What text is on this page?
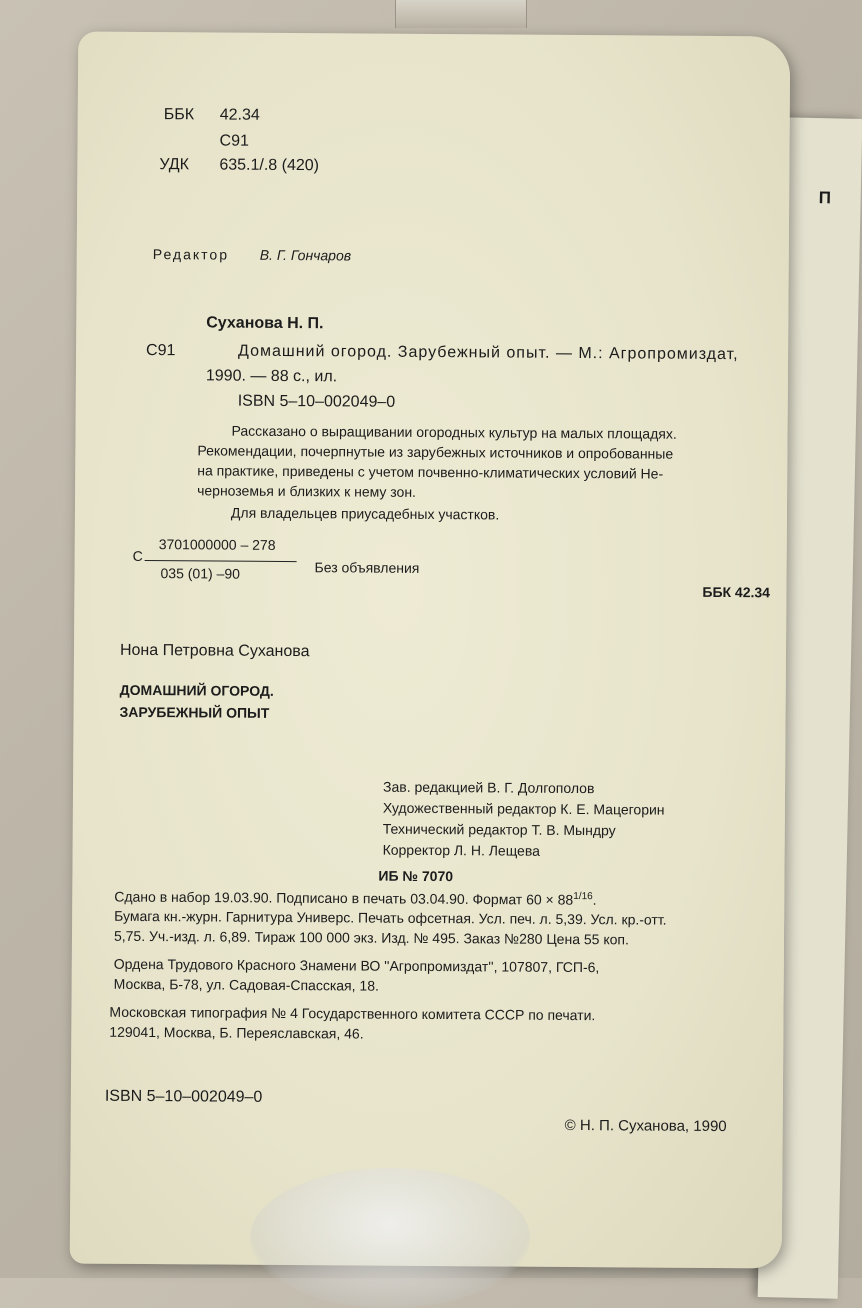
П
ББК 42.34
С91
УДК 635.1/.8 (420)
Редактор В. Г. Гончаров
Суханова Н. П.
С91	Домашний огород. Зарубежный опыт. — М.: Агропромиздат,
1990. — 88 с., ил.
ISBN 5–10–002049–0
Рассказано о выращивании огородных культур на малых площадях.
Рекомендации, почерпнутые из зарубежных источников и опробованные
на практике, приведены с учетом почвенно-климатических условий Не-
черноземья и близких к нему зон.
Для владельцев приусадебных участков.
С
3701000000 – 278
035 (01) –90	Без объявления
ББК 42.34
Нона Петровна Суханова
ДОМАШНИЙ ОГОРОД.
ЗАРУБЕЖНЫЙ ОПЫТ
Зав. редакцией В. Г. Долгополов
Художественный редактор К. Е. Мацегорин
Технический редактор Т. В. Мындру
Корректор Л. Н. Лещева
ИБ № 7070
Сдано в набор 19.03.90. Подписано в печать 03.04.90. Формат $60 \times 88^{1/16}$.
Бумага кн.-журн. Гарнитура Универс. Печать офсетная. Усл. печ. л. 5,39. Усл. кр.-отт.
5,75. Уч.-изд. л. 6,89. Тираж 100 000 экз. Изд. № 495. Заказ №280 Цена 55 коп.
Ордена Трудового Красного Знамени ВО ''Агропромиздат'', 107807, ГСП-6,
Москва, Б-78, ул. Садовая-Спасская, 18.
Московская типография № 4 Государственного комитета СССР по печати.
129041, Москва, Б. Переяславская, 46.
ISBN 5–10–002049–0
© Н. П. Суханова, 1990
